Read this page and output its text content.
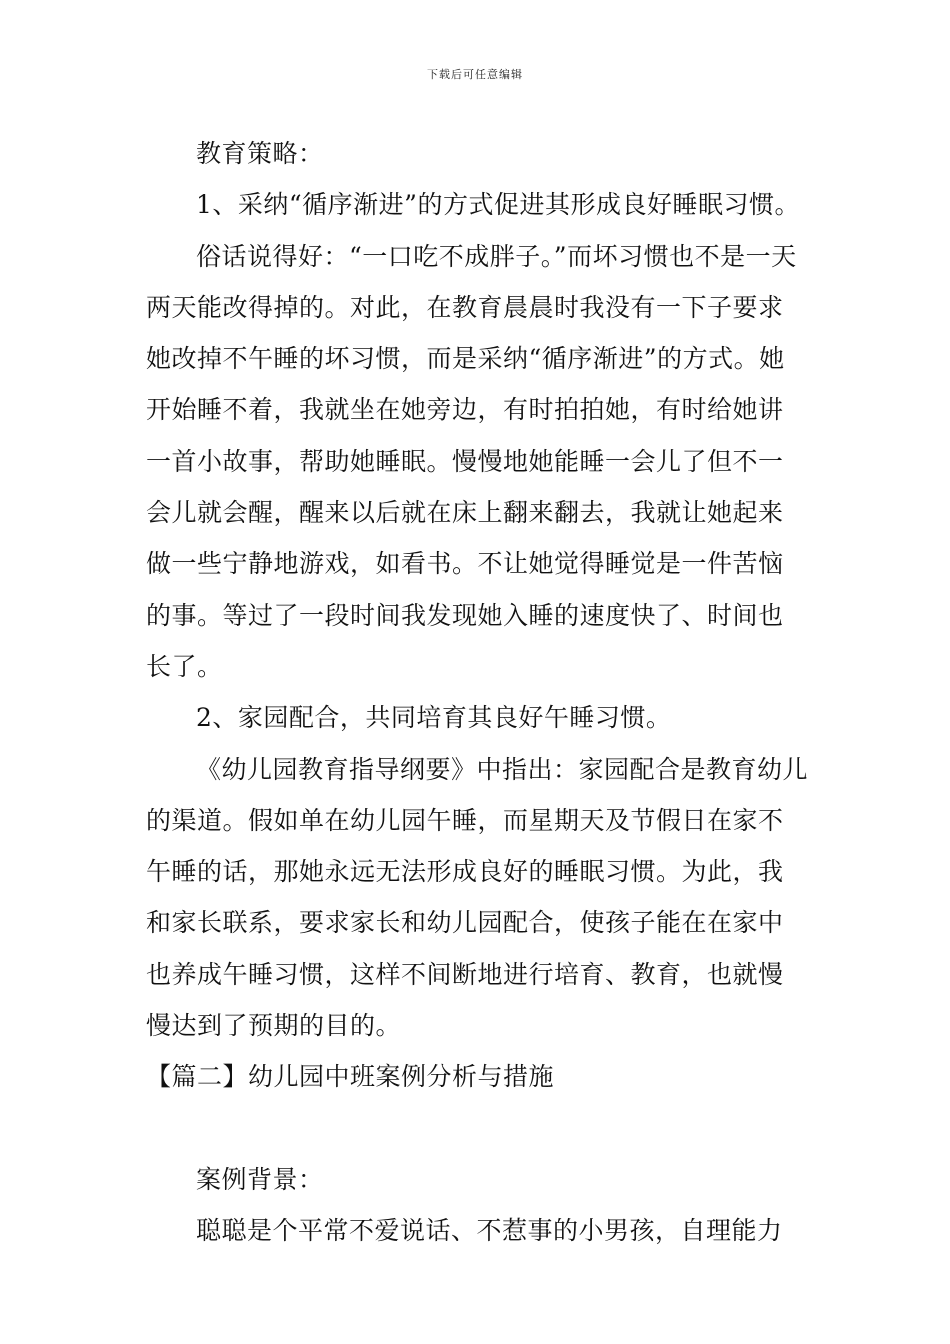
下载后可任意编辑

教育策略：

1、采纳“循序渐进”的方式促进其形成良好睡眠习惯。

俗话说得好：“一口吃不成胖子。”而坏习惯也不是一天两天能改得掉的。对此，在教育晨晨时我没有一下子要求她改掉不午睡的坏习惯，而是采纳“循序渐进”的方式。她开始睡不着，我就坐在她旁边，有时拍拍她，有时给她讲一首小故事，帮助她睡眠。慢慢地她能睡一会儿了但不一会儿就会醒，醒来以后就在床上翻来翻去，我就让她起来做一些宁静地游戏，如看书。不让她觉得睡觉是一件苦恼的事。等过了一段时间我发现她入睡的速度快了、时间也长了。

2、家园配合，共同培育其良好午睡习惯。

《幼儿园教育指导纲要》中指出：家园配合是教育幼儿的渠道。假如单在幼儿园午睡，而星期天及节假日在家不午睡的话，那她永远无法形成良好的睡眠习惯。为此，我和家长联系，要求家长和幼儿园配合，使孩子能在在家中也养成午睡习惯，这样不间断地进行培育、教育，也就慢慢达到了预期的目的。

【篇二】幼儿园中班案例分析与措施

案例背景：

聪聪是个平常不爱说话、不惹事的小男孩，自理能力
